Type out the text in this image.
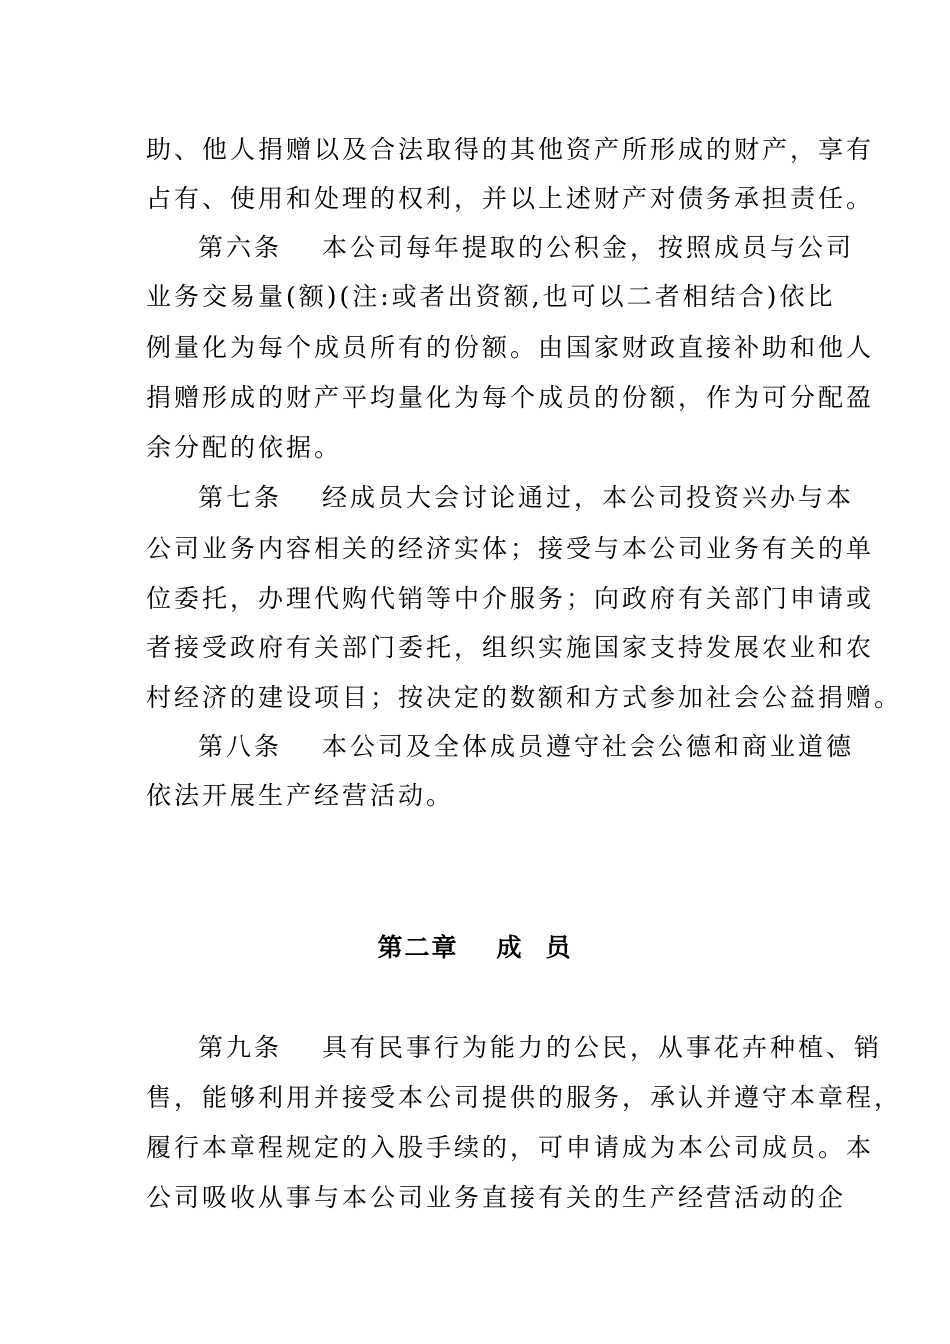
助、他人捐赠以及合法取得的其他资产所形成的财产，享有
占有、使用和处理的权利，并以上述财产对债务承担责任。
第六条 本公司每年提取的公积金，按照成员与公司
业务交易量(额)(注:或者出资额,也可以二者相结合)依比
例量化为每个成员所有的份额。由国家财政直接补助和他人
捐赠形成的财产平均量化为每个成员的份额，作为可分配盈
余分配的依据。
第七条 经成员大会讨论通过，本公司投资兴办与本
公司业务内容相关的经济实体；接受与本公司业务有关的单
位委托，办理代购代销等中介服务；向政府有关部门申请或
者接受政府有关部门委托，组织实施国家支持发展农业和农
村经济的建设项目；按决定的数额和方式参加社会公益捐赠。
第八条 本公司及全体成员遵守社会公德和商业道德
依法开展生产经营活动。
第二章 成 员
第九条 具有民事行为能力的公民，从事花卉种植、销
售，能够利用并接受本公司提供的服务，承认并遵守本章程，
履行本章程规定的入股手续的，可申请成为本公司成员。本
公司吸收从事与本公司业务直接有关的生产经营活动的企
